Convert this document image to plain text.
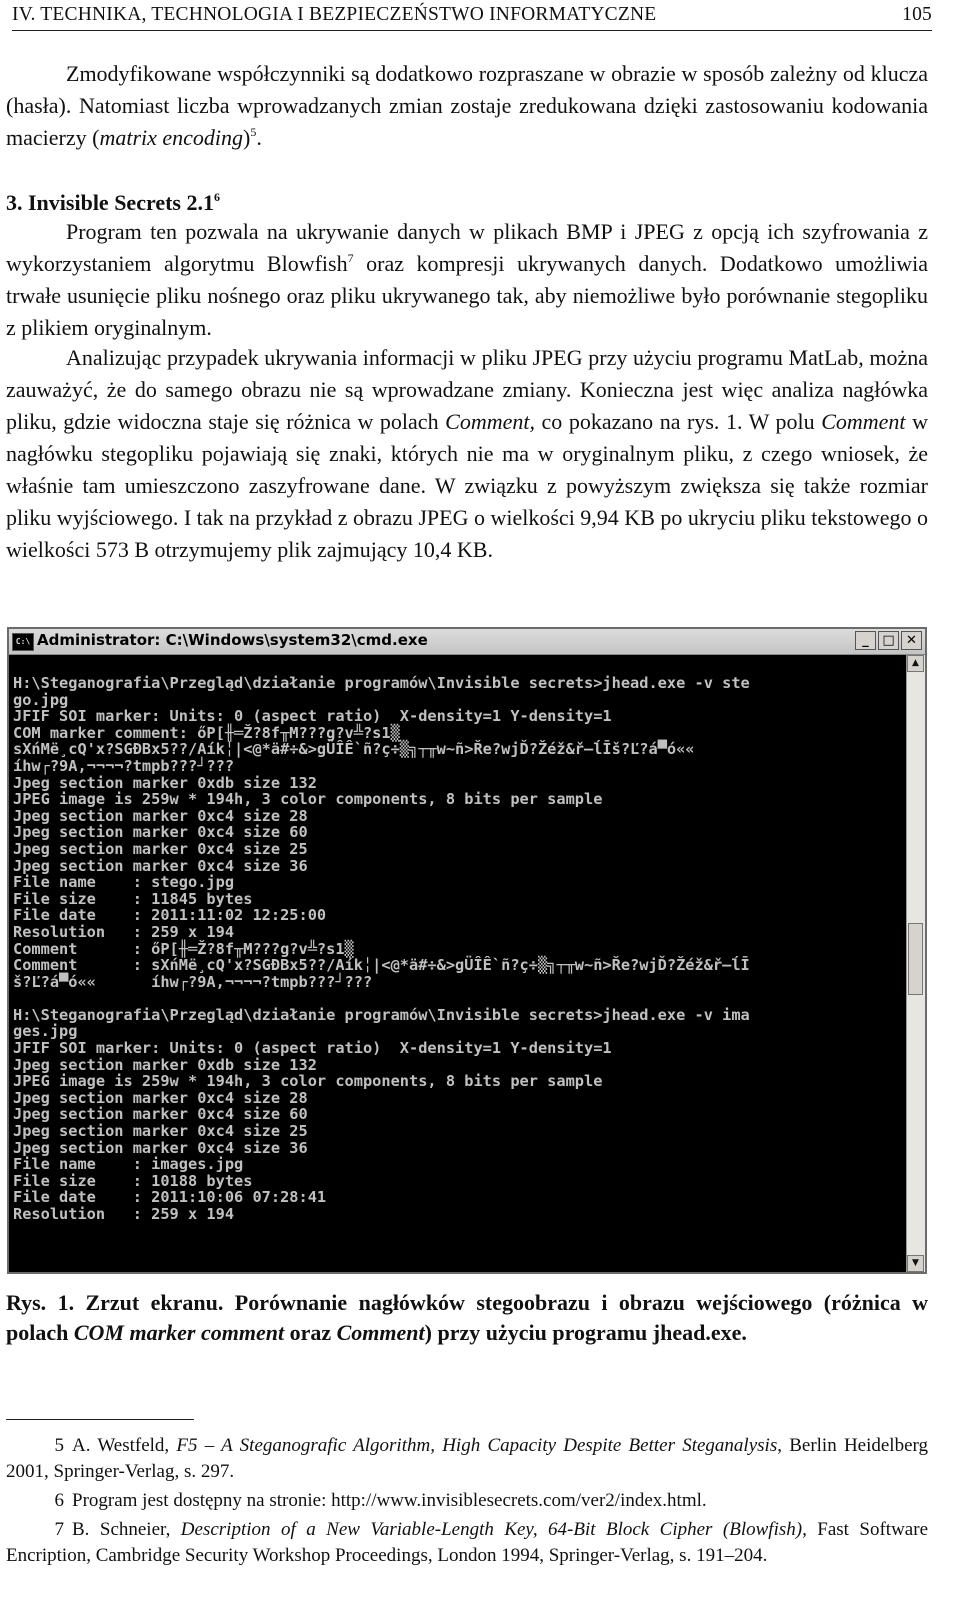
IV. TECHNIKA, TECHNOLOGIA I BEZPIECZEŃSTWO INFORMATYCZNE	105

Zmodyfikowane współczynniki są dodatkowo rozpraszane w obrazie w sposób zależny od klucza (hasła). Natomiast liczba wprowadzanych zmian zostaje zredukowana dzięki zastosowaniu kodowania macierzy (matrix encoding)$^5$.

3. Invisible Secrets $2.1^6$

Program ten pozwala na ukrywanie danych w plikach BMP i JPEG z opcją ich szyfrowania z wykorzystaniem algorytmu Blowfish$^7$ oraz kompresji ukrywanych danych. Dodatkowo umożliwia trwałe usunięcie pliku nośnego oraz pliku ukrywanego tak, aby niemożliwe było porównanie stegopliku z plikiem oryginalnym.

Analizując przypadek ukrywania informacji w pliku JPEG przy użyciu programu MatLab, można zauważyć, że do samego obrazu nie są wprowadzane zmiany. Konieczna jest więc analiza nagłówka pliku, gdzie widoczna staje się różnica w polach Comment, co pokazano na rys. 1. W polu Comment w nagłówku stegopliku pojawiają się znaki, których nie ma w oryginalnym pliku, z czego wniosek, że właśnie tam umieszczono zaszyfrowane dane. W związku z powyższym zwiększa się także rozmiar pliku wyjściowego. I tak na przykład z obrazu JPEG o wielkości 9,94 KB po ukryciu pliku tekstowego o wielkości 573 B otrzymujemy plik zajmujący 10,4 KB.

C:\ Administrator: C:\Windows\system32\cmd.exe	_ □ ✕
H:\Steganografia\Przegląd\działanie programów\Invisible secrets>jhead.exe -v ste
go.jpg
JFIF SOI marker: Units: 0 (aspect ratio)  X-density=1 Y-density=1
COM marker comment: őP[╫═Ž?8f╥M???g?v╩?s1▒
sXńMë¸cQ'x?SGĐBx5??/Aík╎|<@*ä#÷&>gÜÎÊ`ñ?ç÷▒╗┬╥w~ñ>Ře?wjĎ?Žéž&ř–ĺĪš?Ľ?á▀ó««
íhw┌?9A,¬¬¬¬?tmpb???┘???
Jpeg section marker 0xdb size 132
JPEG image is 259w * 194h, 3 color components, 8 bits per sample
Jpeg section marker 0xc4 size 28
Jpeg section marker 0xc4 size 60
Jpeg section marker 0xc4 size 25
Jpeg section marker 0xc4 size 36
File name    : stego.jpg
File size    : 11845 bytes
File date    : 2011:11:02 12:25:00
Resolution   : 259 x 194
Comment      : őP[╫═Ž?8f╥M???g?v╩?s1▒
Comment      : sXńMë¸cQ'x?SGĐBx5??/Aík╎|<@*ä#÷&>gÜÎÊ`ñ?ç÷▒╗┬╥w~ñ>Ře?wjĎ?Žéž&ř–ĺĪ
š?Ľ?á▀ó««      íhw┌?9A,¬¬¬¬?tmpb???┘???

H:\Steganografia\Przegląd\działanie programów\Invisible secrets>jhead.exe -v ima
ges.jpg
JFIF SOI marker: Units: 0 (aspect ratio)  X-density=1 Y-density=1
Jpeg section marker 0xdb size 132
JPEG image is 259w * 194h, 3 color components, 8 bits per sample
Jpeg section marker 0xc4 size 28
Jpeg section marker 0xc4 size 60
Jpeg section marker 0xc4 size 25
Jpeg section marker 0xc4 size 36
File name    : images.jpg
File size    : 10188 bytes
File date    : 2011:10:06 07:28:41
Resolution   : 259 x 194

▲
▼

Rys. 1. Zrzut ekranu. Porównanie nagłówków stegoobrazu i obrazu wejściowego (różnica w polach COM marker comment oraz Comment) przy użyciu programu jhead.exe.

5 A. Westfeld, F5 – A Steganografic Algorithm, High Capacity Despite Better Steganalysis, Berlin Heidelberg 2001, Springer-Verlag, s. 297.

6 Program jest dostępny na stronie: http://www.invisiblesecrets.com/ver2/index.html.

7 B. Schneier, Description of a New Variable-Length Key, 64-Bit Block Cipher (Blowfish), Fast Software Encription, Cambridge Security Workshop Proceedings, London 1994, Springer-Verlag, s. 191–204.
